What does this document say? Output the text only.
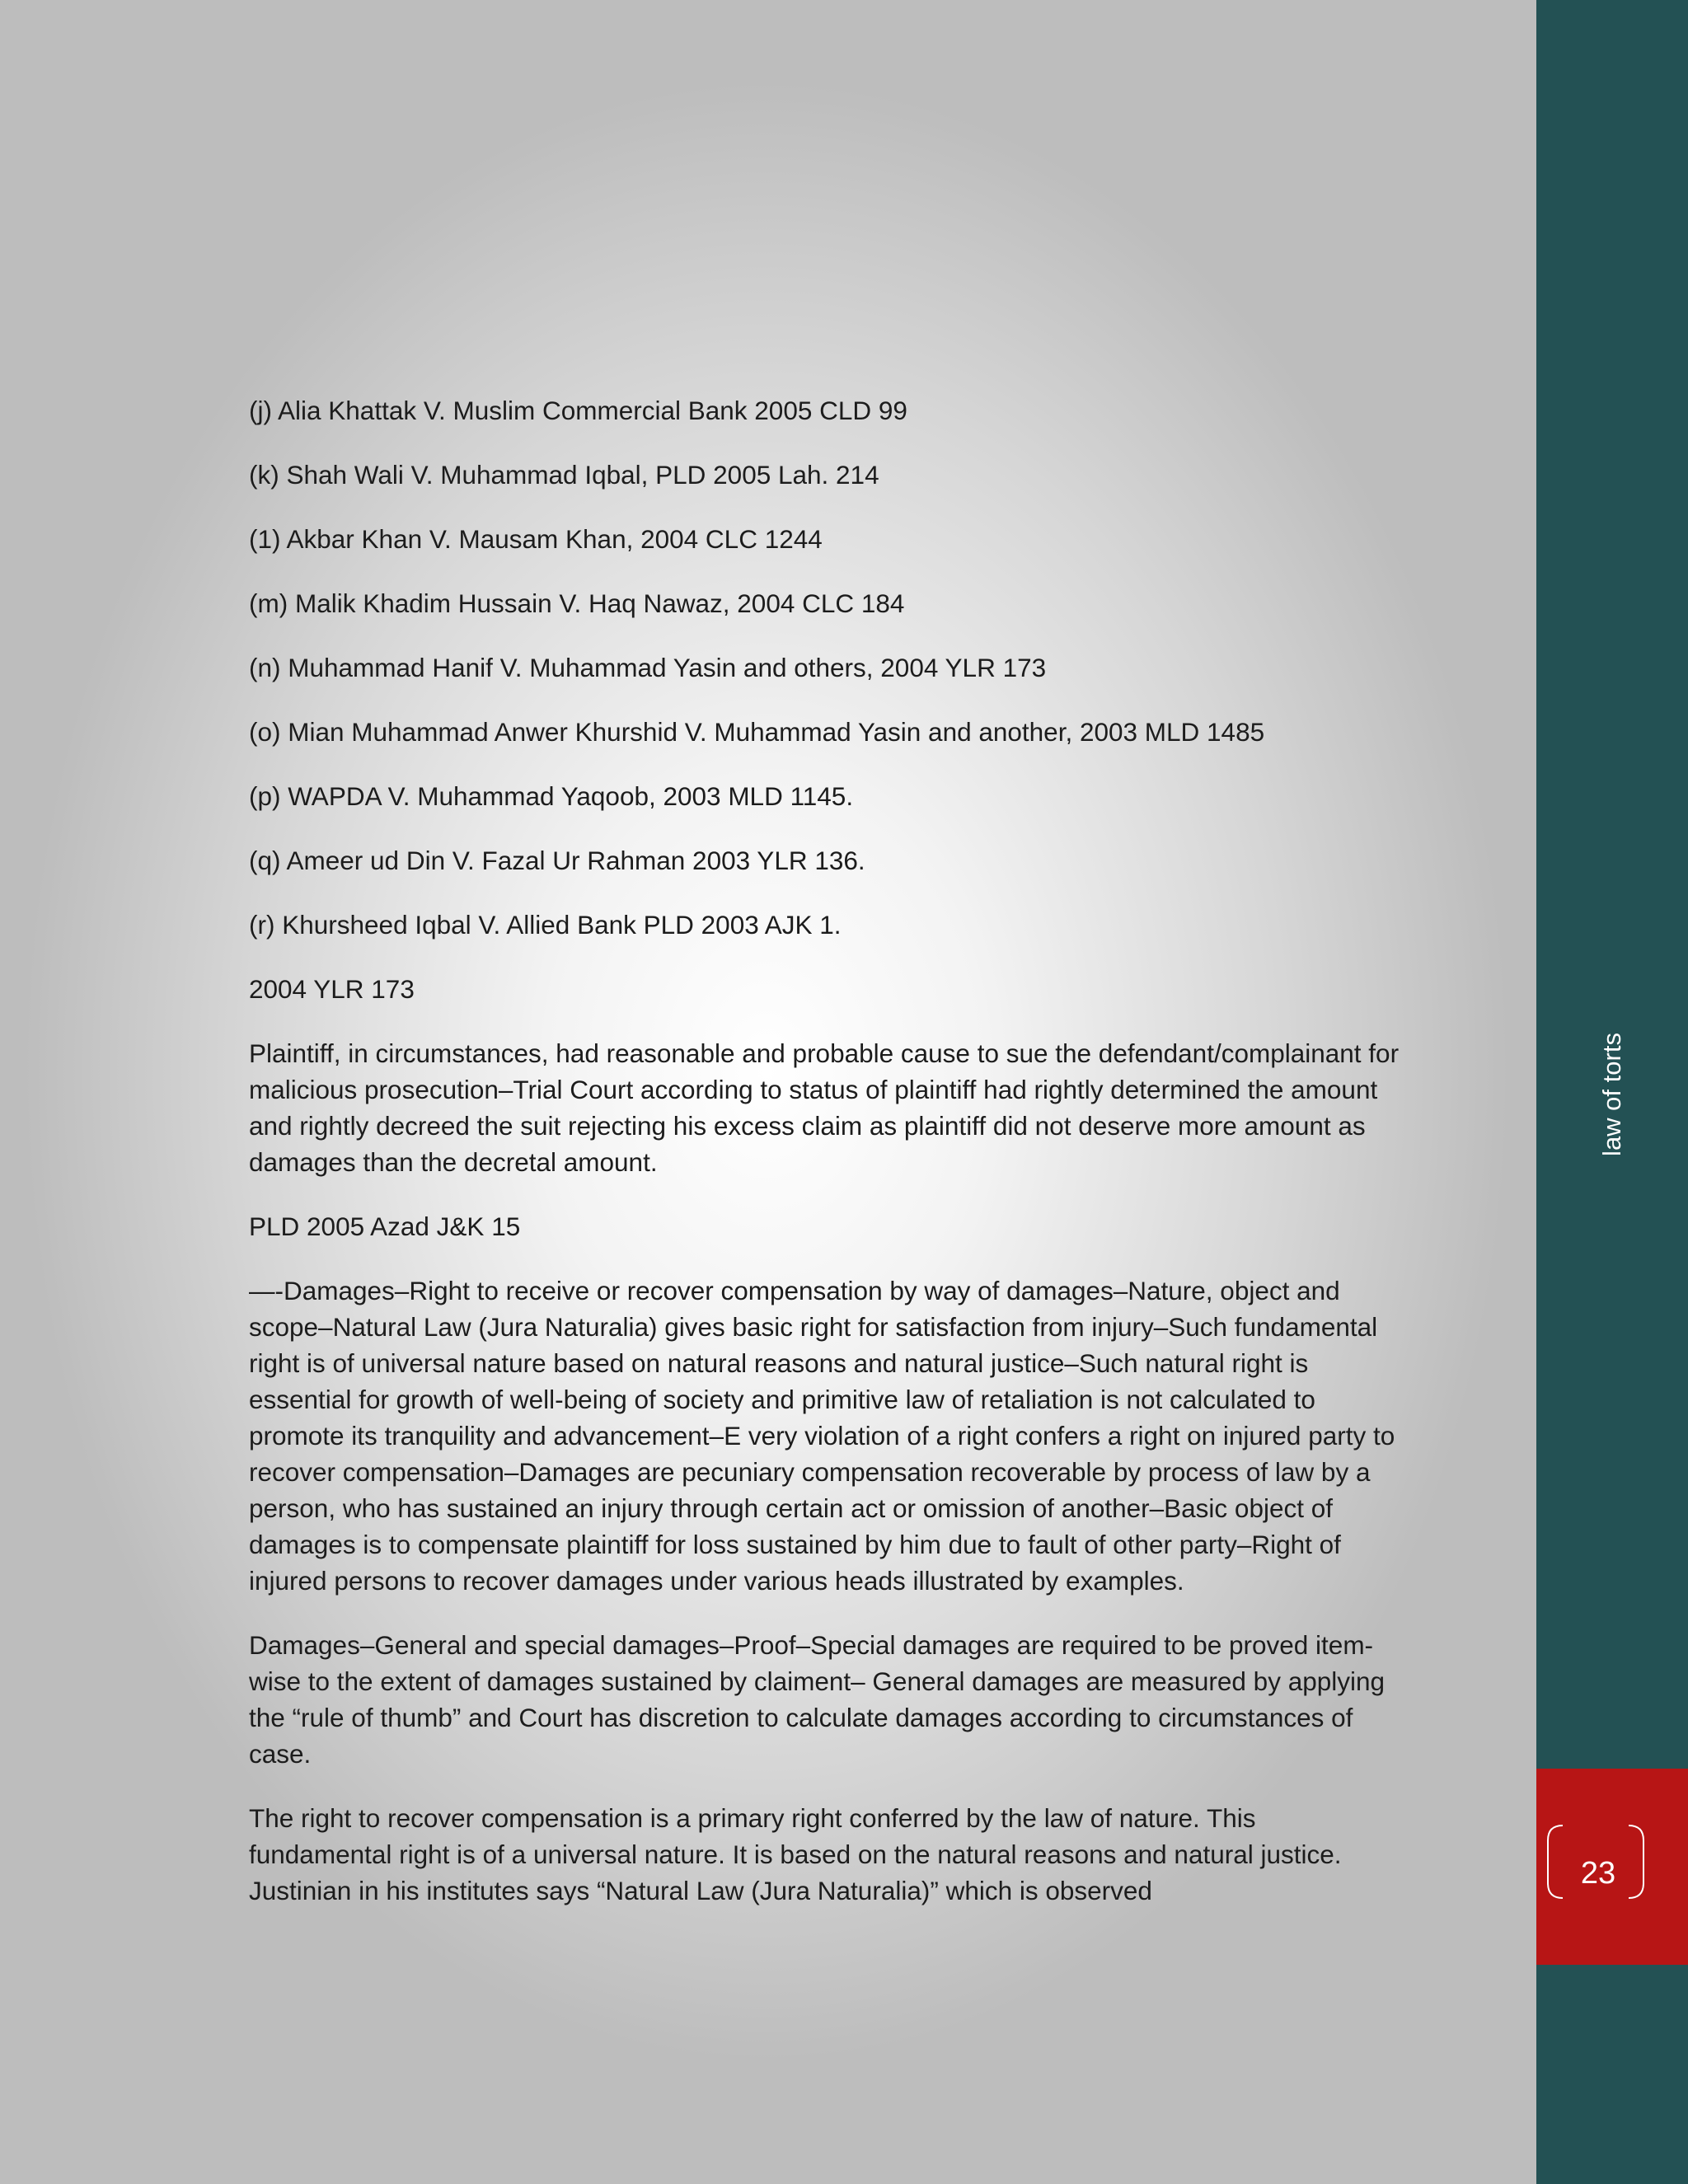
law of torts
23

(j) Alia Khattak V. Muslim Commercial Bank 2005 CLD 99

(k) Shah Wali V. Muhammad Iqbal, PLD 2005 Lah. 214

(1) Akbar Khan V. Mausam Khan, 2004 CLC 1244

(m) Malik Khadim Hussain V. Haq Nawaz, 2004 CLC 184

(n) Muhammad Hanif V. Muhammad Yasin and others, 2004 YLR 173

(o) Mian Muhammad Anwer Khurshid V. Muhammad Yasin and another, 2003 MLD 1485

(p) WAPDA V. Muhammad Yaqoob, 2003 MLD 1145.

(q) Ameer ud Din V. Fazal Ur Rahman 2003 YLR 136.

(r) Khursheed Iqbal V. Allied Bank PLD 2003 AJK 1.

2004 YLR 173

Plaintiff, in circumstances, had reasonable and probable cause to sue the defendant/complainant for malicious prosecution–Trial Court according to status of plaintiff had rightly determined the amount and rightly decreed the suit rejecting his excess claim as plaintiff did not deserve more amount as damages than the decretal amount.

PLD 2005 Azad J&K 15

—-Damages–Right to receive or recover compensation by way of damages–Nature, object and scope–Natural Law (Jura Naturalia) gives basic right for satisfaction from injury–Such fundamental right is of universal nature based on natural reasons and natural justice–Such natural right is essential for growth of well-being of society and primitive law of retaliation is not calculated to promote its tranquility and advancement–E very violation of a right confers a right on injured party to recover compensation–Damages are pecuniary compensation recoverable by process of law by a person, who has sustained an injury through certain act or omission of another–Basic object of damages is to compensate plaintiff for loss sustained by him due to fault of other party–Right of injured persons to recover damages under various heads illustrated by examples.

Damages–General and special damages–Proof–Special damages are required to be proved item-wise to the extent of damages sustained by claiment– General damages are measured by applying the “rule of thumb” and Court has discretion to calculate damages according to circumstances of case.

The right to recover compensation is a primary right conferred by the law of nature. This fundamental right is of a universal nature. It is based on the natural reasons and natural justice. Justinian in his institutes says “Natural Law (Jura Naturalia)” which is observed
